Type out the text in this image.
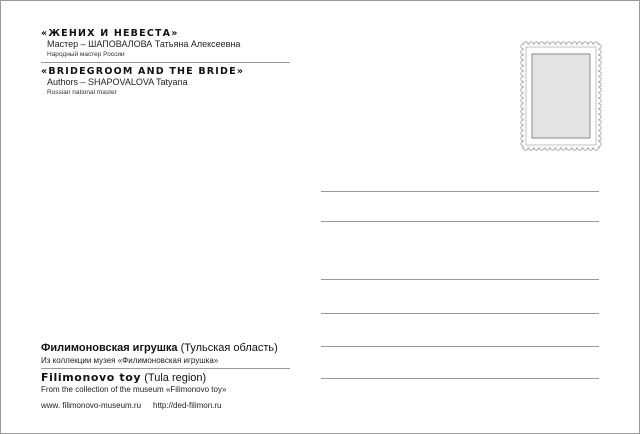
«ЖЕНИХ И НЕВЕСТА»
Мастер – ШАПОВАЛОВА Татьяна Алексеевна
Народный мастер России
«BRIDEGROOM AND THE BRIDE»
Authors – SHAPOVALOVA Tatyana
Russian national master
Филимоновская игрушка (Тульская область)
Из коллекции музея «Филимоновская игрушка»
Filimonovo toy (Tula region)
From the collection of the museum «Filimonovo toy»
www. filimonovo-museum.ru http://ded-filimon.ru
